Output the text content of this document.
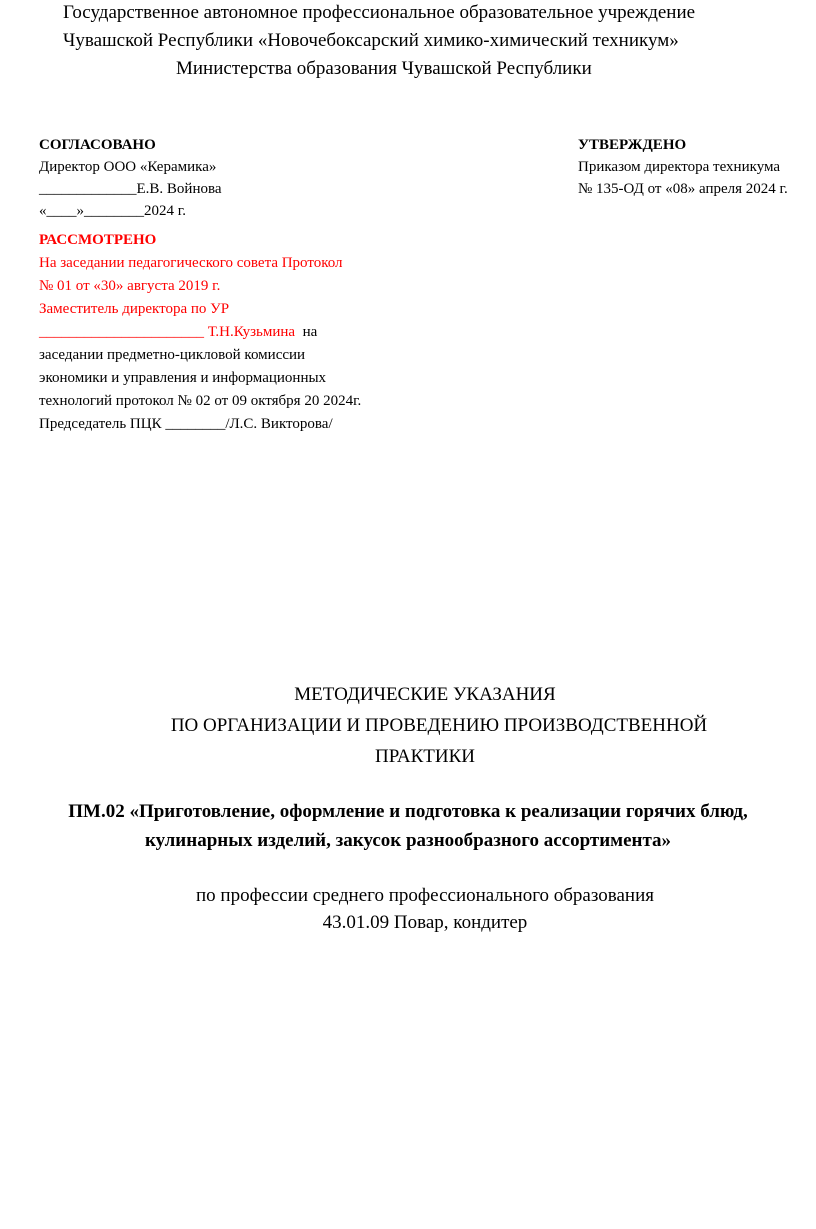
Государственное автономное профессиональное образовательное учреждение
Чувашской Республики «Новочебоксарский химико-химический техникум»
Министерства образования Чувашской Республики
СОГЛАСОВАНО
Директор ООО «Керамика»
_____________Е.В. Войнова
«____»________2024 г.
УТВЕРЖДЕНО
Приказом директора техникума
№ 135-ОД от «08» апреля 2024 г.
РАССМОТРЕНО
На заседании педагогического совета Протокол
№ 01 от «30» августа 2019 г.
Заместитель директора по УР
______________________ Т.Н.Кузьмина  на
заседании предметно-цикловой комиссии
экономики и управления и информационных
технологий протокол № 02 от 09 октября 20 2024г.
Председатель ПЦК ________/Л.С. Викторова/
МЕТОДИЧЕСКИЕ УКАЗАНИЯ
ПО ОРГАНИЗАЦИИ И ПРОВЕДЕНИЮ ПРОИЗВОДСТВЕННОЙ
ПРАКТИКИ
ПМ.02 «Приготовление, оформление и подготовка к реализации горячих блюд,
кулинарных изделий, закусок разнообразного ассортимента»
по профессии среднего профессионального образования
43.01.09 Повар, кондитер
